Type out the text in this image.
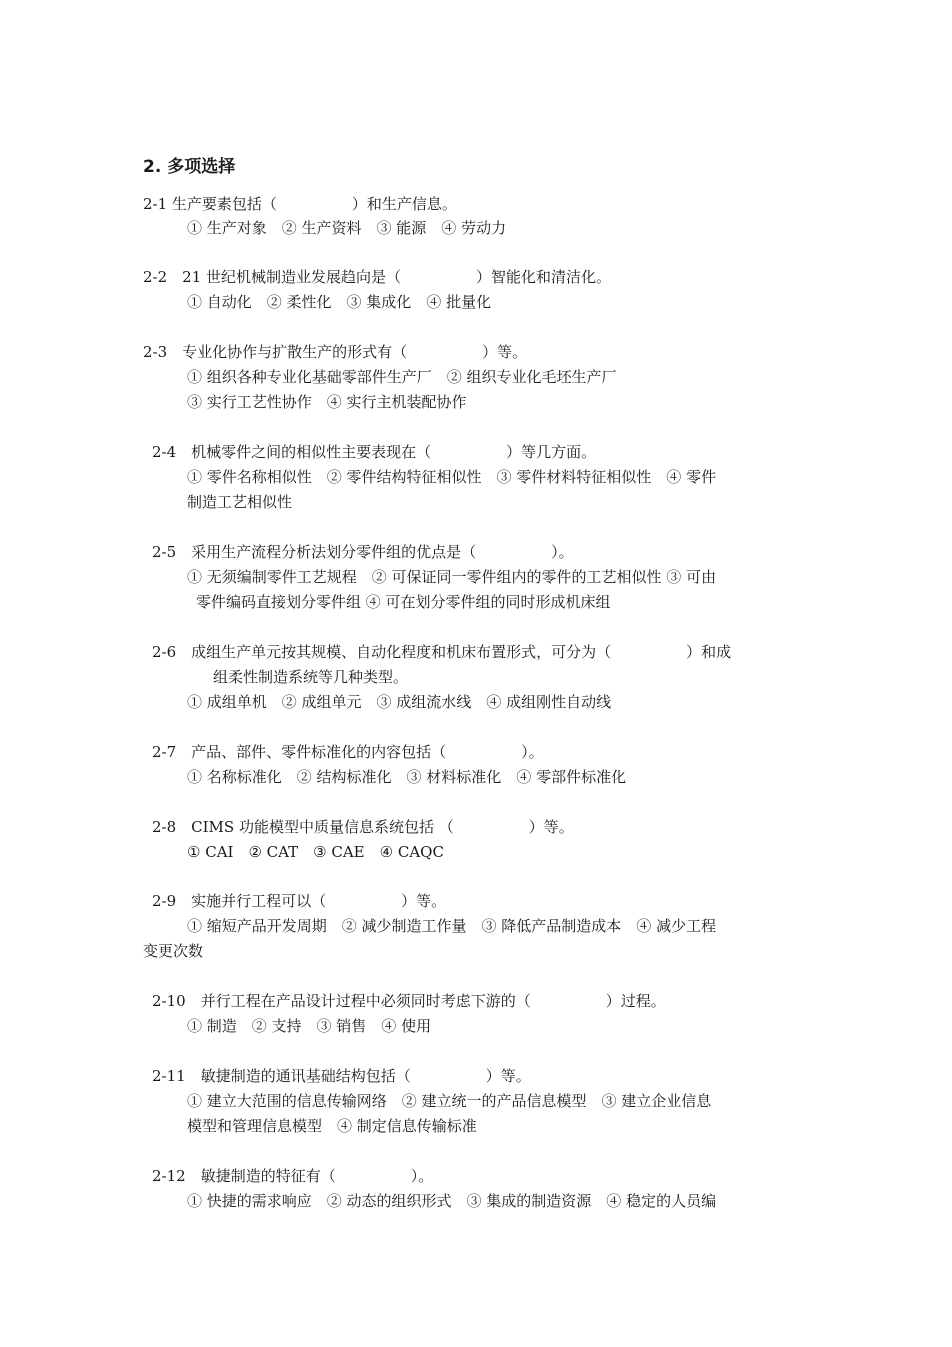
2. 多项选择
2-1 生产要素包括（　　　　　）和生产信息。
① 生产对象　② 生产资料　③ 能源　④ 劳动力
2-2　21 世纪机械制造业发展趋向是（　　　　　）智能化和清洁化。
① 自动化　② 柔性化　③ 集成化　④ 批量化
2-3　专业化协作与扩散生产的形式有（　　　　　）等。
① 组织各种专业化基础零部件生产厂　② 组织专业化毛坯生产厂
③ 实行工艺性协作　④ 实行主机装配协作
2-4　机械零件之间的相似性主要表现在（　　　　　）等几方面。
① 零件名称相似性　② 零件结构特征相似性　③ 零件材料特征相似性　④ 零件
制造工艺相似性
2-5　采用生产流程分析法划分零件组的优点是（　　　　　）。
① 无须编制零件工艺规程　② 可保证同一零件组内的零件的工艺相似性 ③ 可由
零件编码直接划分零件组 ④ 可在划分零件组的同时形成机床组
2-6　成组生产单元按其规模、自动化程度和机床布置形式，可分为（　　　　　）和成
组柔性制造系统等几种类型。
① 成组单机　② 成组单元　③ 成组流水线　④ 成组刚性自动线
2-7　产品、部件、零件标准化的内容包括（　　　　　）。
① 名称标准化　② 结构标准化　③ 材料标准化　④ 零部件标准化
2-8　CIMS 功能模型中质量信息系统包括 （　　　　　）等。
① CAI　② CAT　③ CAE　④ CAQC
2-9　实施并行工程可以（　　　　　）等。
① 缩短产品开发周期　② 减少制造工作量　③ 降低产品制造成本　④ 减少工程
变更次数
2-10　并行工程在产品设计过程中必须同时考虑下游的（　　　　　）过程。
① 制造　② 支持　③ 销售　④ 使用
2-11　敏捷制造的通讯基础结构包括（　　　　　）等。
① 建立大范围的信息传输网络　② 建立统一的产品信息模型　③ 建立企业信息
模型和管理信息模型　④ 制定信息传输标准
2-12　敏捷制造的特征有（　　　　　）。
① 快捷的需求响应　② 动态的组织形式　③ 集成的制造资源　④ 稳定的人员编
